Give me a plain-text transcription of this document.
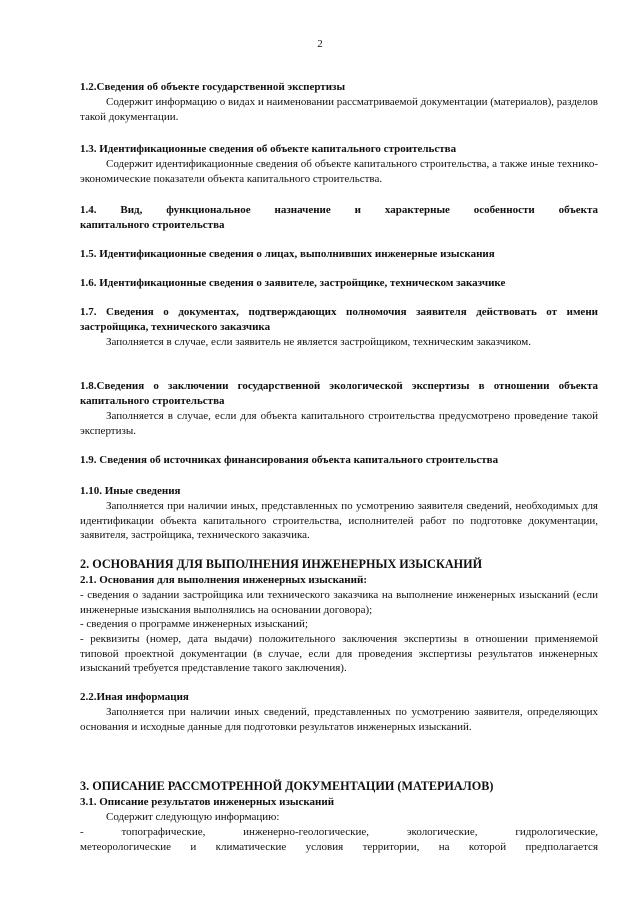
2
1.2.Сведения об объекте государственной экспертизы
Содержит информацию о видах и наименовании рассматриваемой документации (материалов), разделов такой документации.
1.3. Идентификационные сведения об объекте капитального строительства
Содержит идентификационные сведения об объекте капитального строительства, а также иные технико-экономические показатели объекта капитального строительства.
1.4. Вид, функциональное назначение и характерные особенности объекта
капитального строительства
1.5. Идентификационные сведения о лицах, выполнивших инженерные изыскания
1.6. Идентификационные сведения о заявителе, застройщике, техническом заказчике
1.7. Сведения о документах, подтверждающих полномочия заявителя действовать от имени застройщика, технического заказчика
Заполняется в случае, если заявитель не является застройщиком, техническим заказчиком.
1.8.Сведения о заключении государственной экологической экспертизы в отношении объекта капитального строительства
Заполняется в случае, если для объекта капитального строительства предусмотрено проведение такой экспертизы.
1.9. Сведения об источниках финансирования объекта капитального строительства
1.10. Иные сведения
Заполняется при наличии иных, представленных по усмотрению заявителя сведений, необходимых для идентификации объекта капитального строительства, исполнителей работ по подготовке документации, заявителя, застройщика, технического заказчика.
2. ОСНОВАНИЯ ДЛЯ ВЫПОЛНЕНИЯ ИНЖЕНЕРНЫХ ИЗЫСКАНИЙ
2.1. Основания для выполнения инженерных изысканий:
- сведения о задании застройщика или технического заказчика на выполнение инженерных изысканий (если инженерные изыскания выполнялись на основании договора);
- сведения о программе инженерных изысканий;
- реквизиты (номер, дата выдачи) положительного заключения экспертизы в отношении применяемой типовой проектной документации (в случае, если для проведения экспертизы результатов инженерных изысканий требуется представление такого заключения).
2.2.Иная информация
Заполняется при наличии иных сведений, представленных по усмотрению заявителя, определяющих основания и исходные данные для подготовки результатов инженерных изысканий.
3. ОПИСАНИЕ РАССМОТРЕННОЙ ДОКУМЕНТАЦИИ (МАТЕРИАЛОВ)
3.1. Описание результатов инженерных изысканий
Содержит следующую информацию:
-    топографические,    инженерно-геологические,    экологические,    гидрологические,
метеорологические и климатические условия территории, на которой предполагается
